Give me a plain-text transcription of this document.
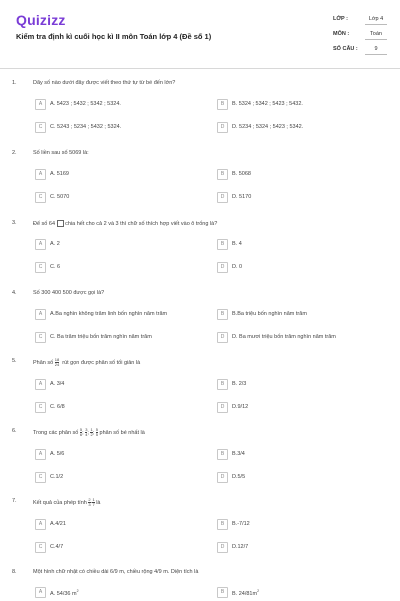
Quizizz
Kiểm tra định kì cuối học kì II môn Toán lớp 4 (Đề số 1)
LỚP :	Lớp 4
MÔN :	Toán
SỐ CÂU :	9
A	A. 5423 ; 5432 ; 5342 ; 5324.	B	B. 5324 ; 5342 ; 5423 ; 5432.
C	C. 5243 ; 5234 ; 5432 ; 5324.	D	D. 5234 ; 5324 ; 5423 ; 5342.
1.	Dãy số nào dưới đây được viết theo thứ tự từ bé đến lớn?
2.	Số liền sau số 5069 là:
A	A. 5169	B	B. 5068
C	C. 5070	D	D. 5170
3.	Để số 64 chia hết cho cả 2 và 3 thì chữ số thích hợp viết vào ô trống là?
A	A. 2	B	B. 4
C	C. 6	D	D. 0
4.	Số 300 400 500 được gọi là?
A	A.Ba nghìn không trăm linh bốn nghìn năm trăm	B	B.Ba triệu bốn nghìn năm trăm
C	C. Ba trăm triệu bốn trăm nghìn năm trăm	D	D. Ba mươi triệu bốn trăm nghìn năm trăm
5.	Phân số $\frac{18}{24}$ rút gọn được phân số tối giản là
A	A. 3/4	B	B. 2/3
C	C. 6/8	D	D.9/12
6.	Trong các phân số $\frac{5}{6}$ ; $\frac{3}{4}$ ; $\frac{1}{2}$ ; $\frac{5}{5}$ phân số bé nhất là
A	A. 5/6	B	B.3/4
C	C.1/2	D	D.5/5
7.	Kết quả của phép tính $\frac{2}{3} - \frac{1}{7}$ là
A	A.4/21	B	B.-7/12
C	C.4/7	D	D.12/7
8.	Một hình chữ nhật có chiều dài 6/9 m, chiều rộng 4/9 m. Diện tích là
A	A. 54/36 $m^2$	B	B. $24/81m^2$
